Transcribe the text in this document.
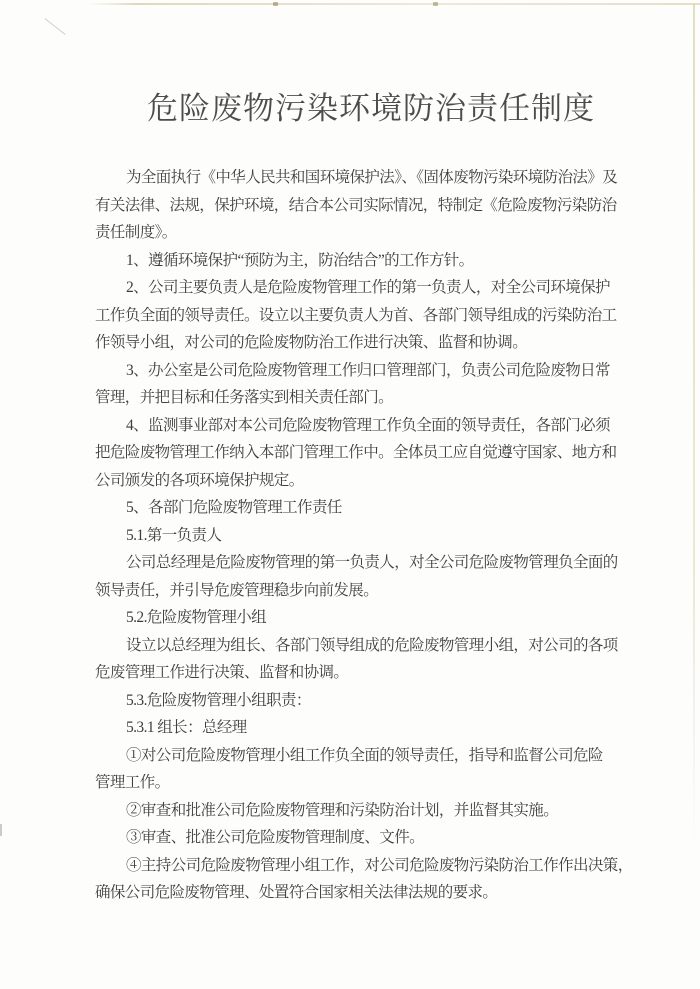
危险废物污染环境防治责任制度
为全面执行《中华人民共和国环境保护法》、《固体废物污染环境防治法》及
有关法律、法规，保护环境，结合本公司实际情况，特制定《危险废物污染防治
责任制度》。
1、遵循环境保护“预防为主，防治结合”的工作方针。
2、公司主要负责人是危险废物管理工作的第一负责人，对全公司环境保护
工作负全面的领导责任。设立以主要负责人为首、各部门领导组成的污染防治工
作领导小组，对公司的危险废物防治工作进行决策、监督和协调。
3、办公室是公司危险废物管理工作归口管理部门，负责公司危险废物日常
管理，并把目标和任务落实到相关责任部门。
4、监测事业部对本公司危险废物管理工作负全面的领导责任，各部门必须
把危险废物管理工作纳入本部门管理工作中。全体员工应自觉遵守国家、地方和
公司颁发的各项环境保护规定。
5、各部门危险废物管理工作责任
5.1.第一负责人
公司总经理是危险废物管理的第一负责人，对全公司危险废物管理负全面的
领导责任，并引导危废管理稳步向前发展。
5.2.危险废物管理小组
设立以总经理为组长、各部门领导组成的危险废物管理小组，对公司的各项
危废管理工作进行决策、监督和协调。
5.3.危险废物管理小组职责：
5.3.1 组长：总经理
①对公司危险废物管理小组工作负全面的领导责任，指导和监督公司危险
管理工作。
②审查和批准公司危险废物管理和污染防治计划，并监督其实施。
③审查、批准公司危险废物管理制度、文件。
④主持公司危险废物管理小组工作，对公司危险废物污染防治工作作出决策，
确保公司危险废物管理、处置符合国家相关法律法规的要求。
